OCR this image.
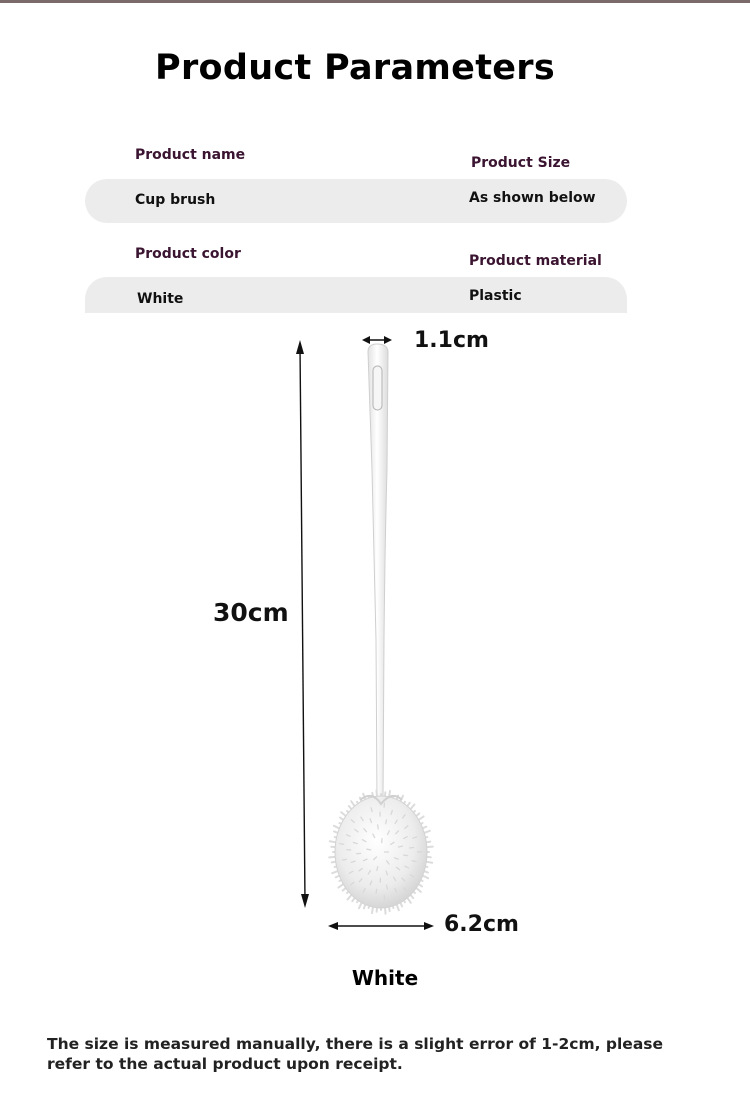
Product Parameters
Product name	Product Size
Cup brush	As shown below
Product color	Product material
White	Plastic
1.1cm
30cm
6.2cm
White
The size is measured manually, there is a slight error of 1-2cm, please refer to the actual product upon receipt.
